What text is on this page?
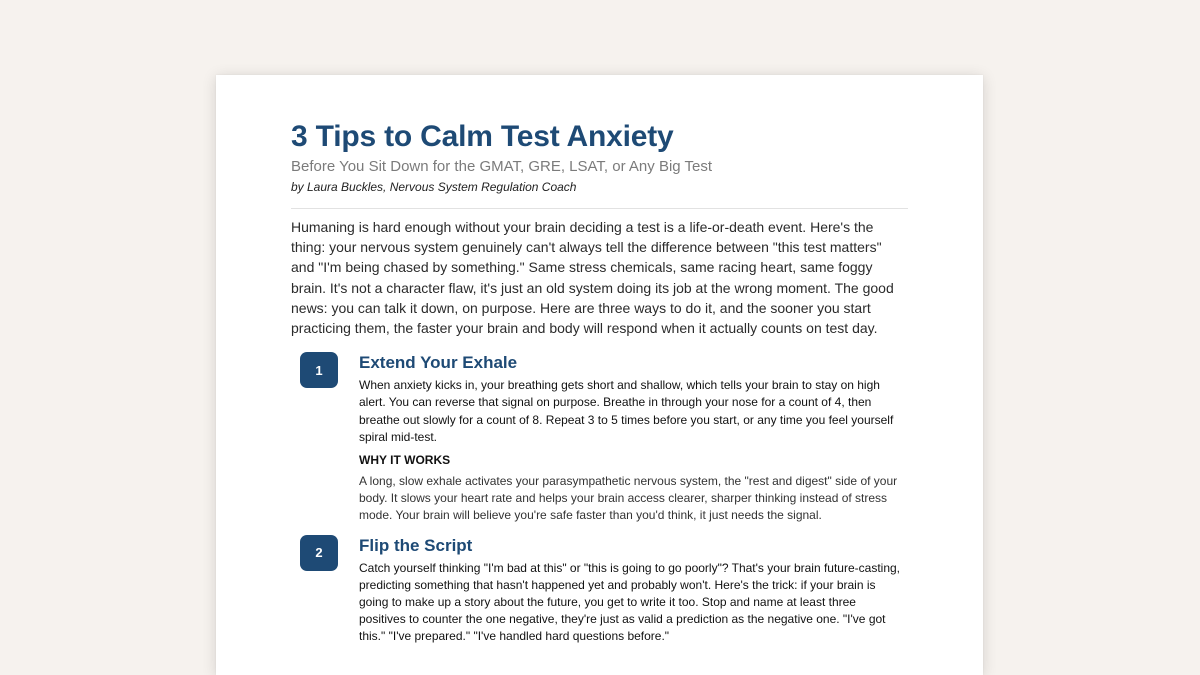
3 Tips to Calm Test Anxiety

Before You Sit Down for the GMAT, GRE, LSAT, or Any Big Test

by Laura Buckles, Nervous System Regulation Coach

Humaning is hard enough without your brain deciding a test is a life-or-death event. Here's the thing: your nervous system genuinely can't always tell the difference between "this test matters" and "I'm being chased by something." Same stress chemicals, same racing heart, same foggy brain. It's not a character flaw, it's just an old system doing its job at the wrong moment. The good news: you can talk it down, on purpose. Here are three ways to do it, and the sooner you start practicing them, the faster your brain and body will respond when it actually counts on test day.

1	Extend Your Exhale

When anxiety kicks in, your breathing gets short and shallow, which tells your brain to stay on high alert. You can reverse that signal on purpose. Breathe in through your nose for a count of 4, then breathe out slowly for a count of 8. Repeat 3 to 5 times before you start, or any time you feel yourself spiral mid-test.

WHY IT WORKS

A long, slow exhale activates your parasympathetic nervous system, the "rest and digest" side of your body. It slows your heart rate and helps your brain access clearer, sharper thinking instead of stress mode. Your brain will believe you're safe faster than you'd think, it just needs the signal.

2	Flip the Script

Catch yourself thinking "I'm bad at this" or "this is going to go poorly"? That's your brain future-casting, predicting something that hasn't happened yet and probably won't. Here's the trick: if your brain is going to make up a story about the future, you get to write it too. Stop and name at least three positives to counter the one negative, they're just as valid a prediction as the negative one. "I've got this." "I've prepared." "I've handled hard questions before."
